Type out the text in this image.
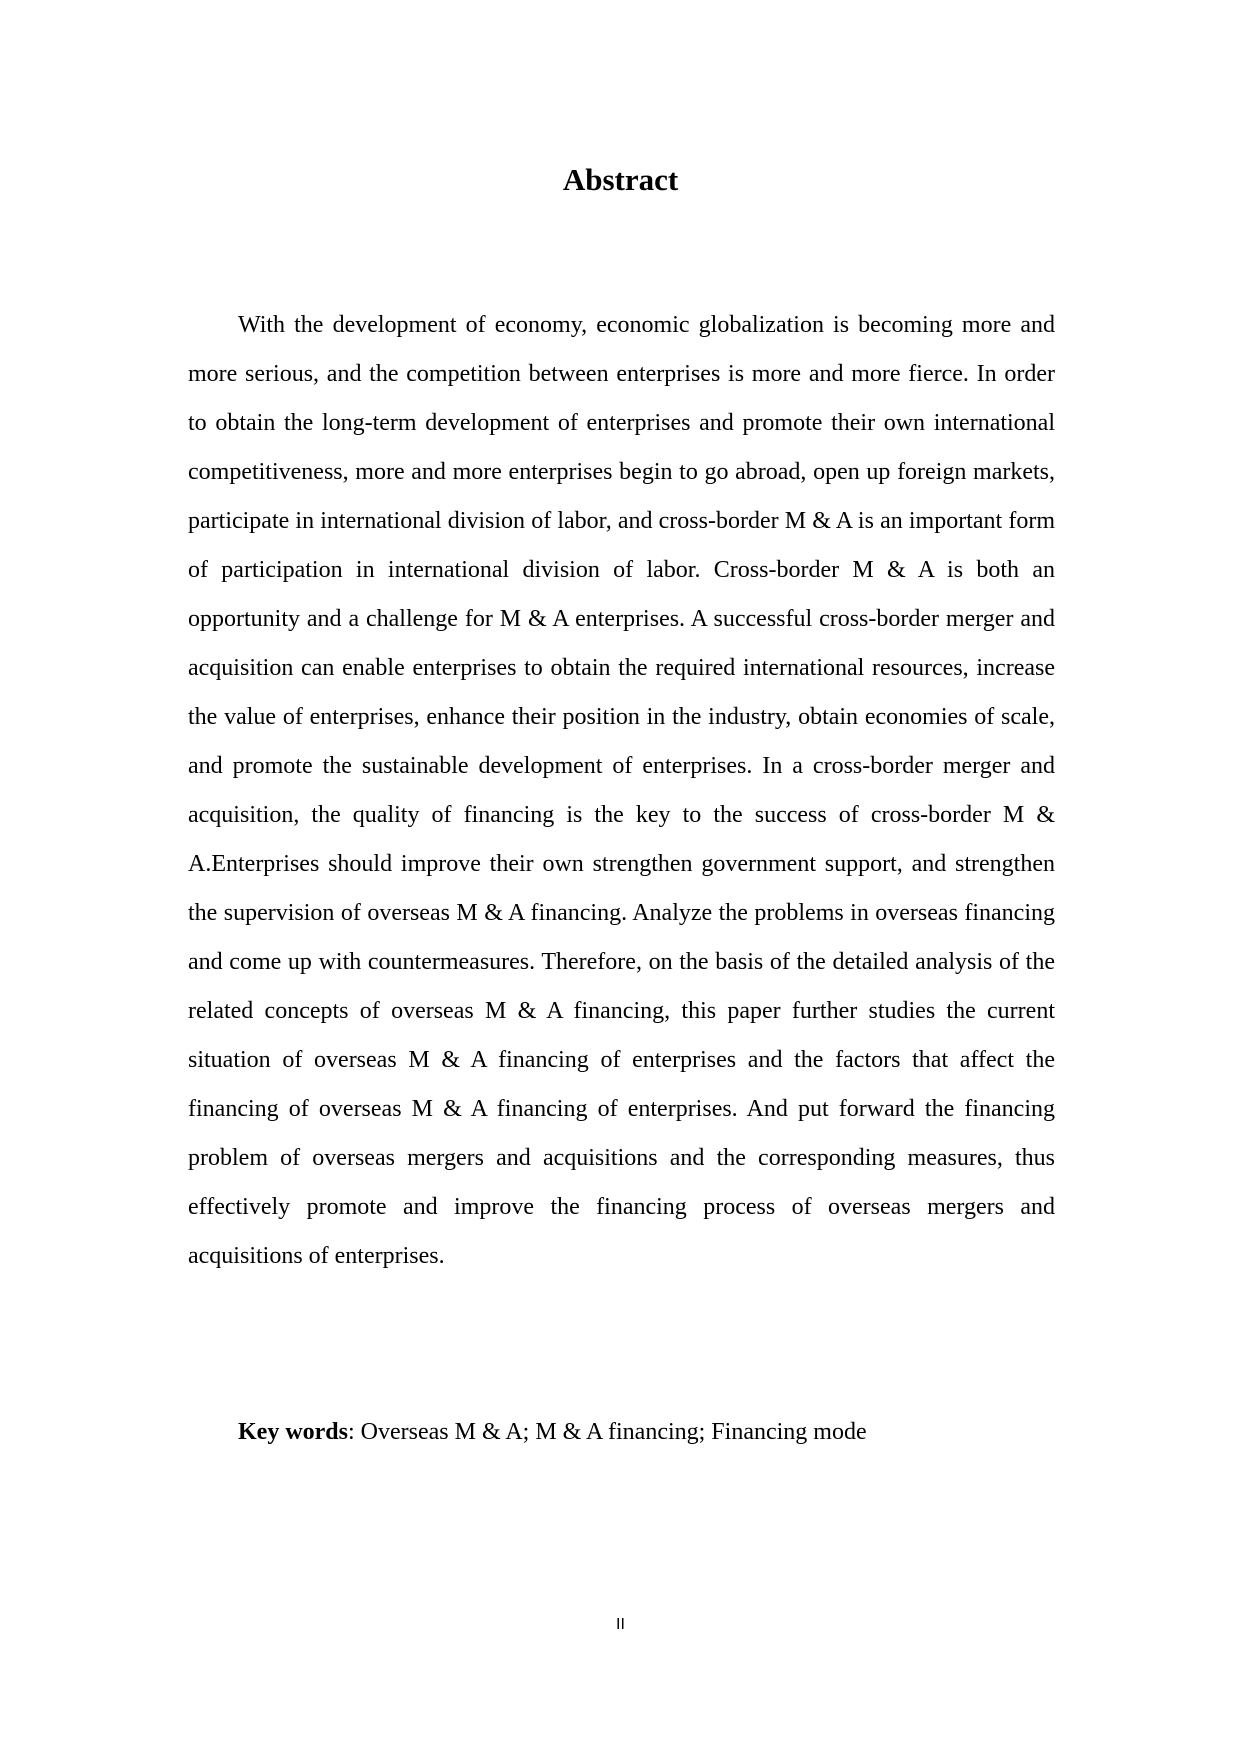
Abstract

With the development of economy, economic globalization is becoming more and more serious, and the competition between enterprises is more and more fierce. In order to obtain the long-term development of enterprises and promote their own international competitiveness, more and more enterprises begin to go abroad, open up foreign markets, participate in international division of labor, and cross-border M & A is an important form of participation in international division of labor. Cross-border M & A is both an opportunity and a challenge for M & A enterprises. A successful cross-border merger and acquisition can enable enterprises to obtain the required international resources, increase the value of enterprises, enhance their position in the industry, obtain economies of scale, and promote the sustainable development of enterprises. In a cross-border merger and acquisition, the quality of financing is the key to the success of cross-border M & A.Enterprises should improve their own strengthen government support, and strengthen the supervision of overseas M & A financing. Analyze the problems in overseas financing and come up with countermeasures. Therefore, on the basis of the detailed analysis of the related concepts of overseas M & A financing, this paper further studies the current situation of overseas M & A financing of enterprises and the factors that affect the financing of overseas M & A financing of enterprises. And put forward the financing problem of overseas mergers and acquisitions and the corresponding measures, thus effectively promote and improve the financing process of overseas mergers and acquisitions of enterprises.

Key words: Overseas M & A; M & A financing; Financing mode

II
